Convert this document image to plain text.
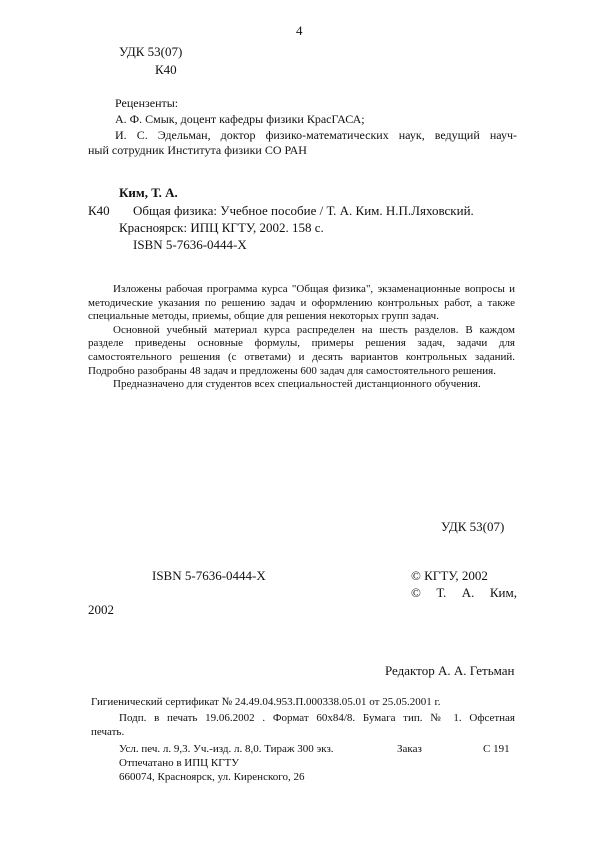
4
УДК 53(07)
К40
Рецензенты:
А. Ф. Смык, доцент кафедры физики КрасГАСА;
И. С. Эдельман, доктор физико-математических наук, ведущий науч-
ный сотрудник Института физики СО РАН
Ким, Т. А.
К40 Общая физика: Учебное пособие / Т. А. Ким. Н.П.Ляховский.
Красноярск: ИПЦ КГТУ, 2002. 158 с.
ISBN 5-7636-0444-Х

Изложены рабочая программа курса "Общая физика", экзаменационные вопросы и методические указания по решению задач и оформлению контрольных работ, а также специальные методы, приемы, общие для решения некоторых групп задач.

Основной учебный материал курса распределен на шесть разделов. В каждом разделе приведены основные формулы, примеры решения задач, задачи для самостоятельного решения (с ответами) и десять вариантов контрольных заданий. Подробно разобраны 48 задач и предложены 600 задач для самостоятельного решения.

Предназначено для студентов всех специальностей дистанционного обучения.

УДК 53(07)
ISBN 5-7636-0444-Х	© КГТУ, 2002
© Т. А. Ким,
2002
Редактор А. А. Гетьман
Гигиенический сертификат № 24.49.04.953.П.000338.05.01 от 25.05.2001 г.
Подп. в печать 19.06.2002 . Формат 60х84/8. Бумага тип. № 1. Офсетная
печать.
Усл. печ. л. 9,3. Уч.-изд. л. 8,0. Тираж 300 экз.	Заказ	С 191
Отпечатано в ИПЦ КГТУ
660074, Красноярск, ул. Киренского, 26
